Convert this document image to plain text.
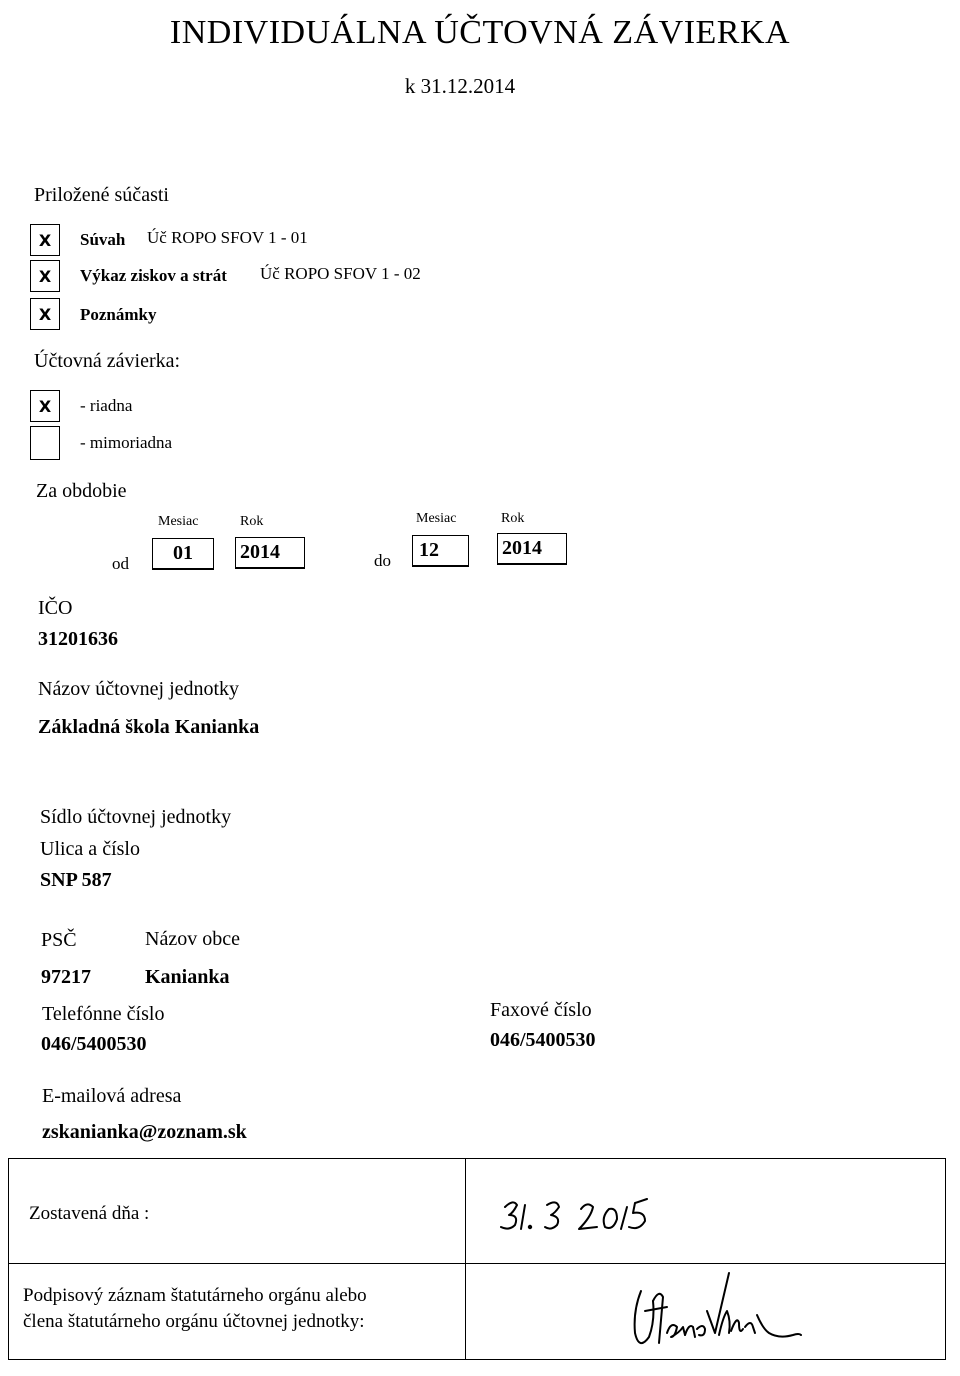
INDIVIDUÁLNA ÚČTOVNÁ ZÁVIERKA
k 31.12.2014
Priložené súčasti
X	Súvah Úč ROPO SFOV 1 - 01
X	Výkaz ziskov a strát Úč ROPO SFOV 1 - 02
X	Poznámky
Účtovná závierka:
X	- riadna
- mimoriadna
Za obdobie
Mesiac	Rok	Mesiac	Rok
od	01	2014	do	12	2014
IČO
31201636
Názov účtovnej jednotky
Základná škola Kanianka
Sídlo účtovnej jednotky
Ulica a číslo
SNP 587
PSČ	Názov obce
97217	Kanianka
Telefónne číslo
046/5400530
Faxové číslo
046/5400530
E-mailová adresa
zskanianka@zoznam.sk
Zostavená dňa :
Podpisový záznam štatutárneho orgánu alebo
člena štatutárneho orgánu účtovnej jednotky:
